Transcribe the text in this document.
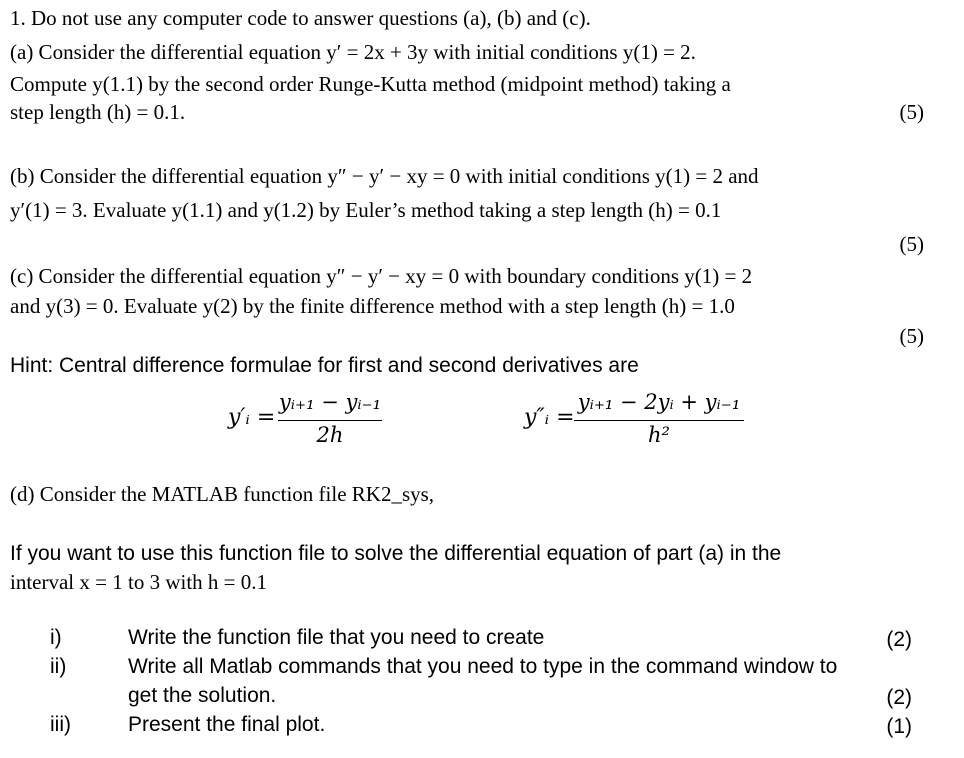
1. Do not use any computer code to answer questions (a), (b) and (c).
(a) Consider the differential equation y′ = 2x + 3y with initial conditions y(1) = 2.
Compute y(1.1) by the second order Runge-Kutta method (midpoint method) taking a
step length (h) = 0.1.	(5)
(b) Consider the differential equation y″ − y′ − xy = 0 with initial conditions y(1) = 2 and
y′(1) = 3. Evaluate y(1.1) and y(1.2) by Euler’s method taking a step length (h) = 0.1
(5)
(c) Consider the differential equation y″ − y′ − xy = 0 with boundary conditions y(1) = 2
and y(3) = 0. Evaluate y(2) by the finite difference method with a step length (h) = 1.0
(5)
Hint: Central difference formulae for first and second derivatives are
y′ᵢ =
yᵢ₊₁ − yᵢ₋₁
2h
y″ᵢ =
yᵢ₊₁ − 2yᵢ + yᵢ₋₁
h²
(d) Consider the MATLAB function file RK2_sys,
If you want to use this function file to solve the differential equation of part (a) in the
interval x = 1 to 3 with h = 0.1
i)	Write the function file that you need to create	(2)
ii)	Write all Matlab commands that you need to type in the command window to
get the solution.	(2)
iii)	Present the final plot.	(1)
